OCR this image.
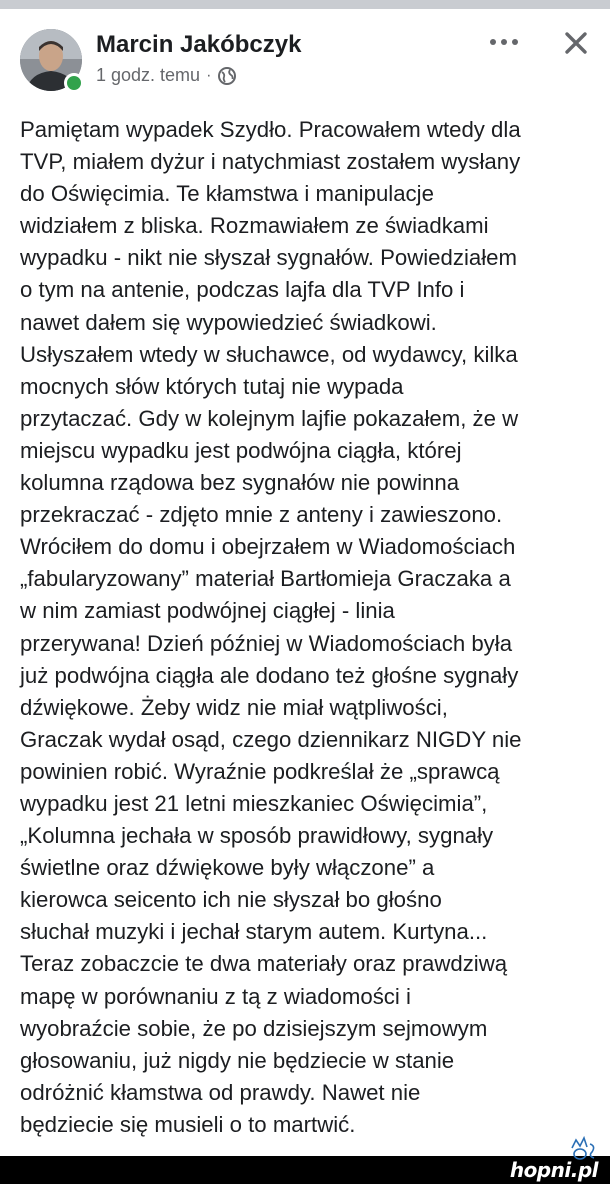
Marcin Jakóbczyk
1 godz. temu ·
Pamiętam wypadek Szydło. Pracowałem wtedy dla
TVP, miałem dyżur i natychmiast zostałem wysłany
do Oświęcimia. Te kłamstwa i manipulacje
widziałem z bliska. Rozmawiałem ze świadkami
wypadku - nikt nie słyszał sygnałów. Powiedziałem
o tym na antenie, podczas lajfa dla TVP Info i
nawet dałem się wypowiedzieć świadkowi.
Usłyszałem wtedy w słuchawce, od wydawcy, kilka
mocnych słów których tutaj nie wypada
przytaczać. Gdy w kolejnym lajfie pokazałem, że w
miejscu wypadku jest podwójna ciągła, której
kolumna rządowa bez sygnałów nie powinna
przekraczać - zdjęto mnie z anteny i zawieszono.
Wróciłem do domu i obejrzałem w Wiadomościach
„fabularyzowany” materiał Bartłomieja Graczaka a
w nim zamiast podwójnej ciągłej - linia
przerywana! Dzień później w Wiadomościach była
już podwójna ciągła ale dodano też głośne sygnały
dźwiękowe. Żeby widz nie miał wątpliwości,
Graczak wydał osąd, czego dziennikarz NIGDY nie
powinien robić. Wyraźnie podkreślał że „sprawcą
wypadku jest 21 letni mieszkaniec Oświęcimia”,
„Kolumna jechała w sposób prawidłowy, sygnały
świetlne oraz dźwiękowe były włączone” a
kierowca seicento ich nie słyszał bo głośno
słuchał muzyki i jechał starym autem. Kurtyna...
Teraz zobaczcie te dwa materiały oraz prawdziwą
mapę w porównaniu z tą z wiadomości i
wyobraźcie sobie, że po dzisiejszym sejmowym
głosowaniu, już nigdy nie będziecie w stanie
odróżnić kłamstwa od prawdy. Nawet nie
będziecie się musieli o to martwić.
hop⁠ni.pl
